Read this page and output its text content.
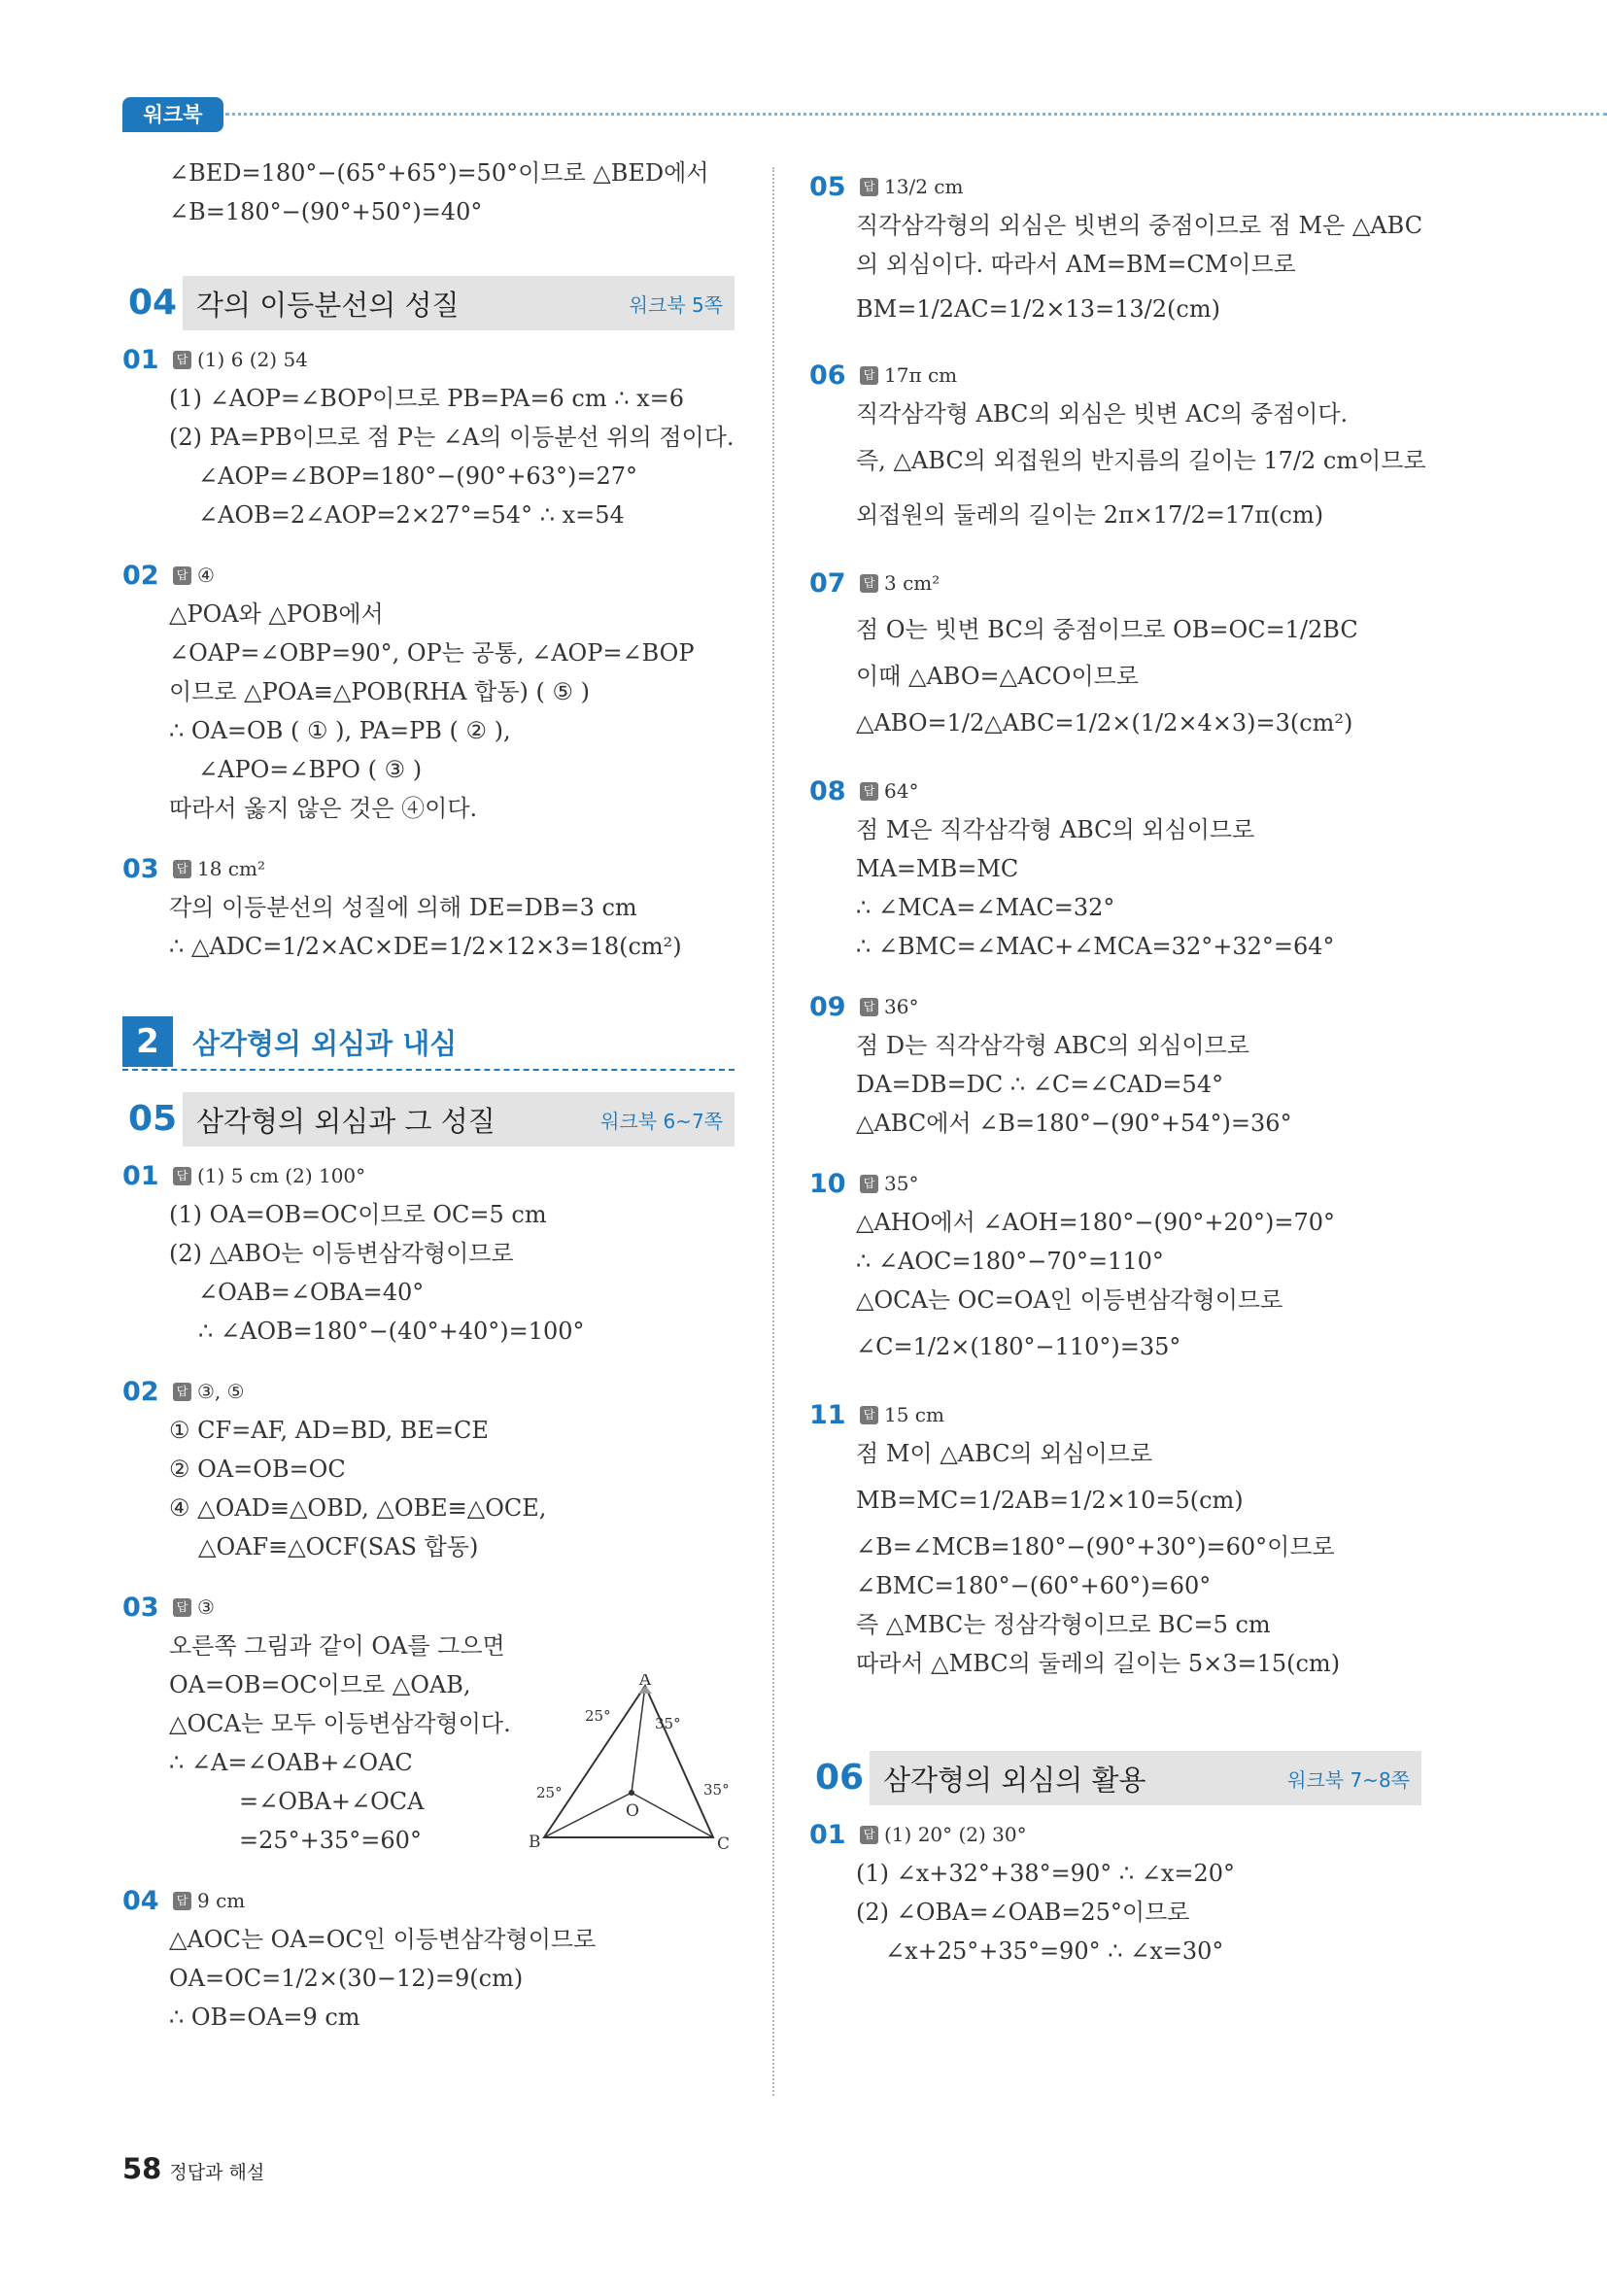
워크북
∠BED=180°−(65°+65°)=50°이므로 △BED에서
∠B=180°−(90°+50°)=40°
04 각의 이등분선의 성질	워크북 5쪽
01	답 (1) 6 (2) 54
(1) ∠AOP=∠BOP이므로 PB=PA=6 cm ∴ x=6
(2) PA=PB이므로 점 P는 ∠A의 이등분선 위의 점이다.
∠AOP=∠BOP=180°−(90°+63°)=27°
∠AOB=2∠AOP=2×27°=54° ∴ x=54
02	답 ④
△POA와 △POB에서
∠OAP=∠OBP=90°, OP는 공통, ∠AOP=∠BOP
이므로 △POA≡△POB(RHA 합동) ( ⑤ )
∴ OA=OB ( ① ), PA=PB ( ② ),
∠APO=∠BPO ( ③ )
따라서 옳지 않은 것은 ④이다.
03	답 18 cm²
각의 이등분선의 성질에 의해 DE=DB=3 cm
∴ △ADC=1/2×AC×DE=1/2×12×3=18(cm²)
2	삼각형의 외심과 내심
05 삼각형의 외심과 그 성질	워크북 6~7쪽
01	답 (1) 5 cm (2) 100°
(1) OA=OB=OC이므로 OC=5 cm
(2) △ABO는 이등변삼각형이므로
∠OAB=∠OBA=40°
∴ ∠AOB=180°−(40°+40°)=100°
02	답 ③, ⑤
① CF=AF, AD=BD, BE=CE
② OA=OB=OC
④ △OAD≡△OBD, △OBE≡△OCE,
△OAF≡△OCF(SAS 합동)
03	답 ③
오른쪽 그림과 같이 OA를 그으면
OA=OB=OC이므로 △OAB,
△OCA는 모두 이등변삼각형이다.
∴ ∠A=∠OAB+∠OAC
=∠OBA+∠OCA
=25°+35°=60°
04	답 9 cm
△AOC는 OA=OC인 이등변삼각형이므로
OA=OC=1/2×(30−12)=9(cm)
∴ OB=OA=9 cm
A
B	C
O
25°	35°
25°	35°
05	답 13/2 cm
직각삼각형의 외심은 빗변의 중점이므로 점 M은 △ABC
의 외심이다. 따라서 AM=BM=CM이므로
BM=1/2AC=1/2×13=13/2(cm)
06	답 17π cm
직각삼각형 ABC의 외심은 빗변 AC의 중점이다.
즉, △ABC의 외접원의 반지름의 길이는 17/2 cm이므로
외접원의 둘레의 길이는 2π×17/2=17π(cm)
07	답 3 cm²
점 O는 빗변 BC의 중점이므로 OB=OC=1/2BC
이때 △ABO=△ACO이므로
△ABO=1/2△ABC=1/2×(1/2×4×3)=3(cm²)
08	답 64°
점 M은 직각삼각형 ABC의 외심이므로
MA=MB=MC
∴ ∠MCA=∠MAC=32°
∴ ∠BMC=∠MAC+∠MCA=32°+32°=64°
09	답 36°
점 D는 직각삼각형 ABC의 외심이므로
DA=DB=DC ∴ ∠C=∠CAD=54°
△ABC에서 ∠B=180°−(90°+54°)=36°
10	답 35°
△AHO에서 ∠AOH=180°−(90°+20°)=70°
∴ ∠AOC=180°−70°=110°
△OCA는 OC=OA인 이등변삼각형이므로
∠C=1/2×(180°−110°)=35°
11	답 15 cm
점 M이 △ABC의 외심이므로
MB=MC=1/2AB=1/2×10=5(cm)
∠B=∠MCB=180°−(90°+30°)=60°이므로
∠BMC=180°−(60°+60°)=60°
즉 △MBC는 정삼각형이므로 BC=5 cm
따라서 △MBC의 둘레의 길이는 5×3=15(cm)
06 삼각형의 외심의 활용	워크북 7~8쪽
01	답 (1) 20° (2) 30°
(1) ∠x+32°+38°=90° ∴ ∠x=20°
(2) ∠OBA=∠OAB=25°이므로
∠x+25°+35°=90° ∴ ∠x=30°
58 정답과 해설
